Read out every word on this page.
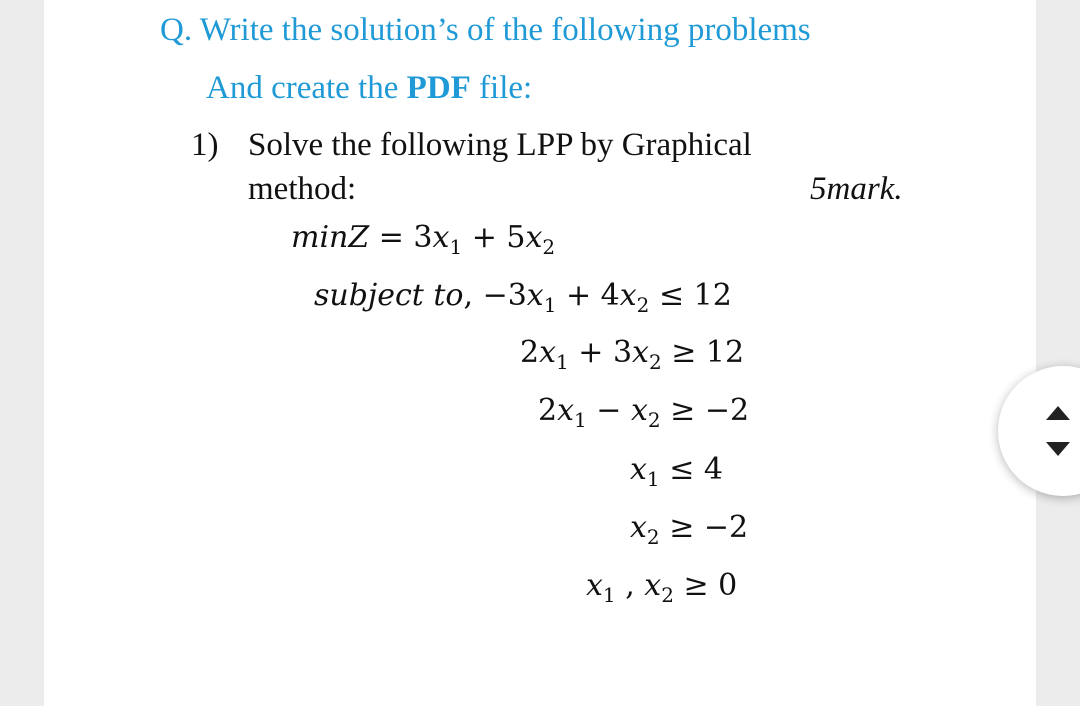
Q. Write the solution’s of the following problems
And create the PDF file:
1) Solve the following LPP by Graphical
method:	5mark.
$\min Z = 3x_1 + 5x_2$
subject to, $-3x_1 + 4x_2 \le 12$
$2x_1 + 3x_2 \ge 12$
$2x_1 - x_2 \ge -2$
$x_1 \le 4$
$x_2 \ge -2$
$x_1$ , $x_2 \ge 0$
